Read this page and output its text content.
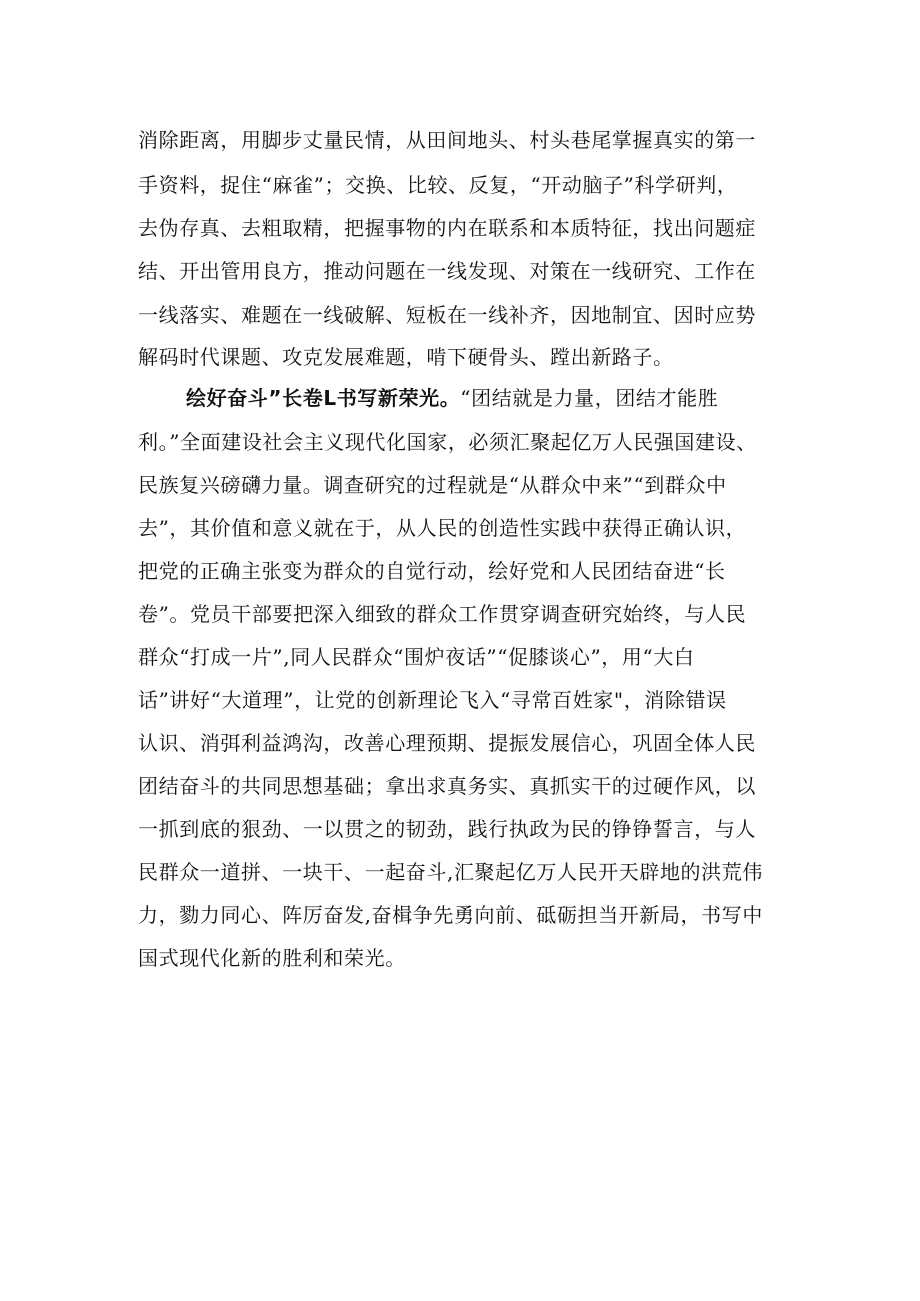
消除距离，用脚步丈量民情，从田间地头、村头巷尾掌握真实的第一
手资料，捉住“麻雀”；交换、比较、反复，“开动脑子”科学研判，
去伪存真、去粗取精，把握事物的内在联系和本质特征，找出问题症
结、开出管用良方，推动问题在一线发现、对策在一线研究、工作在
一线落实、难题在一线破解、短板在一线补齐，因地制宜、因时应势
解码时代课题、攻克发展难题，啃下硬骨头、蹚出新路子。
绘好奋斗”长卷L书写新荣光。“团结就是力量，团结才能胜
利。”全面建设社会主义现代化国家，必须汇聚起亿万人民强国建设、
民族复兴磅礴力量。调查研究的过程就是“从群众中来”“到群众中
去”，其价值和意义就在于，从人民的创造性实践中获得正确认识，
把党的正确主张变为群众的自觉行动，绘好党和人民团结奋进“长
卷”。党员干部要把深入细致的群众工作贯穿调查研究始终，与人民
群众“打成一片”,同人民群众“围炉夜话”“促膝谈心”，用“大白
话”讲好“大道理”，让党的创新理论飞入“寻常百姓家"，消除错误
认识、消弭利益鸿沟，改善心理预期、提振发展信心，巩固全体人民
团结奋斗的共同思想基础；拿出求真务实、真抓实干的过硬作风，以
一抓到底的狠劲、一以贯之的韧劲，践行执政为民的铮铮誓言，与人
民群众一道拼、一块干、一起奋斗,汇聚起亿万人民开天辟地的洪荒伟
力，勠力同心、阵厉奋发,奋楫争先勇向前、砥砺担当开新局，书写中
国式现代化新的胜利和荣光。
